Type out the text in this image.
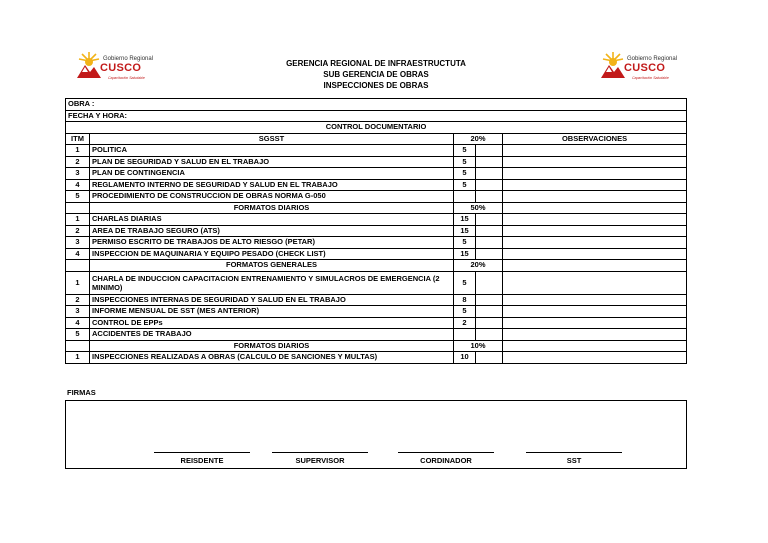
Gobierno Regional
CUSCO
Capacitación Saludable
Gobierno Regional
CUSCO
Capacitación Saludable
GERENCIA REGIONAL DE INFRAESTRUCTUTA
SUB GERENCIA DE OBRAS
INSPECCIONES DE OBRAS
OBRA :				
FECHA Y HORA:				
CONTROL DOCUMENTARIO				
ITM	SGSST	20%		OBSERVACIONES
1	POLITICA	5		
2	PLAN DE SEGURIDAD Y SALUD EN EL TRABAJO	5		
3	PLAN DE CONTINGENCIA	5		
4	REGLAMENTO INTERNO DE SEGURIDAD Y SALUD EN EL TRABAJO	5		
5	PROCEDIMIENTO DE CONSTRUCCION DE OBRAS NORMA G-050			
	FORMATOS DIARIOS	50%		
1	CHARLAS DIARIAS	15		
2	AREA DE TRABAJO SEGURO (ATS)	15		
3	PERMISO ESCRITO DE TRABAJOS DE ALTO RIESGO (PETAR)	5		
4	INSPECCION DE MAQUINARIA Y EQUIPO PESADO (CHECK LIST)	15		
	FORMATOS GENERALES	20%		
1	CHARLA DE INDUCCION CAPACITACION ENTRENAMIENTO Y SIMULACROS DE EMERGENCIA (2 MINIMO)	5		
2	INSPECCIONES INTERNAS DE SEGURIDAD Y SALUD EN EL TRABAJO	8		
3	INFORME MENSUAL DE SST (MES ANTERIOR)	5		
4	CONTROL DE EPPs	2		
5	ACCIDENTES DE TRABAJO			
	FORMATOS DIARIOS	10%		
1	INSPECCIONES REALIZADAS A OBRAS (CALCULO DE SANCIONES Y MULTAS)	10		
FIRMAS
REISDENTE	SUPERVISOR	CORDINADOR	SST
